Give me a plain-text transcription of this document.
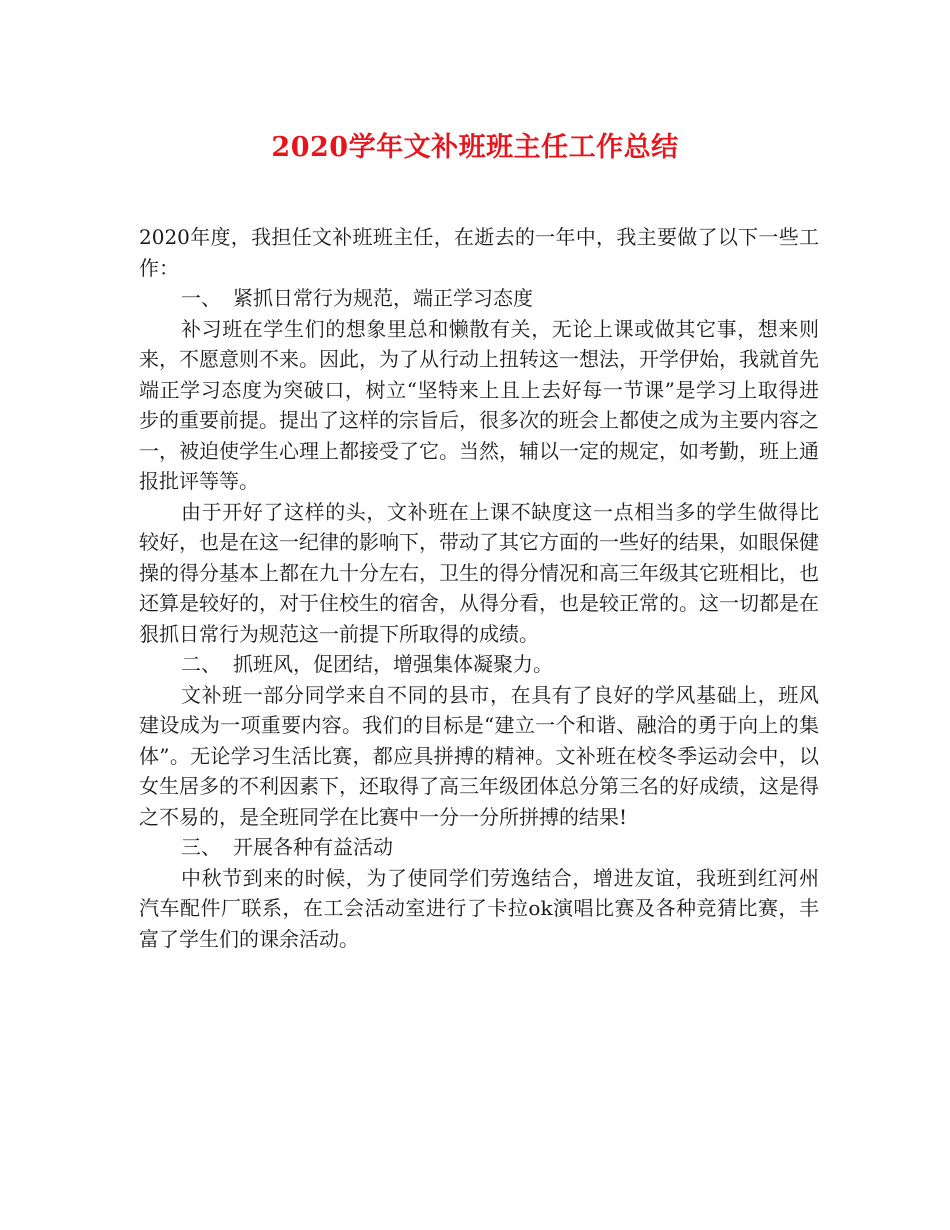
2020学年文补班班主任工作总结

2020年度，我担任文补班班主任，在逝去的一年中，我主要做了以下一些工作：

一、 紧抓日常行为规范，端正学习态度

补习班在学生们的想象里总和懒散有关，无论上课或做其它事，想来则来，不愿意则不来。因此，为了从行动上扭转这一想法，开学伊始，我就首先端正学习态度为突破口，树立“坚特来上且上去好每一节课”是学习上取得进步的重要前提。提出了这样的宗旨后，很多次的班会上都使之成为主要内容之一，被迫使学生心理上都接受了它。当然，辅以一定的规定，如考勤，班上通报批评等等。

由于开好了这样的头，文补班在上课不缺度这一点相当多的学生做得比较好，也是在这一纪律的影响下，带动了其它方面的一些好的结果，如眼保健操的得分基本上都在九十分左右，卫生的得分情况和高三年级其它班相比，也还算是较好的，对于住校生的宿舍，从得分看，也是较正常的。这一切都是在狠抓日常行为规范这一前提下所取得的成绩。

二、 抓班风，促团结，增强集体凝聚力。

文补班一部分同学来自不同的县市，在具有了良好的学风基础上，班风建设成为一项重要内容。我们的目标是“建立一个和谐、融洽的勇于向上的集体”。无论学习生活比赛，都应具拼搏的精神。文补班在校冬季运动会中，以女生居多的不利因素下，还取得了高三年级团体总分第三名的好成绩，这是得之不易的，是全班同学在比赛中一分一分所拼搏的结果!

三、 开展各种有益活动

中秋节到来的时候，为了使同学们劳逸结合，增进友谊，我班到红河州汽车配件厂联系，在工会活动室进行了卡拉ok演唱比赛及各种竞猜比赛，丰富了学生们的课余活动。
